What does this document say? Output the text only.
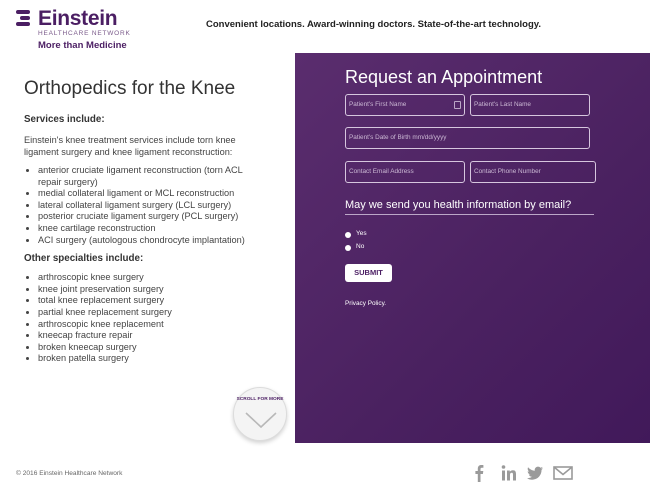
Einstein
HEALTHCARE NETWORK
More than Medicine
Convenient locations. Award-winning doctors. State-of-the-art technology.
Orthopedics for the Knee
Services include:

Einstein's knee treatment services include torn knee ligament surgery and knee ligament reconstruction:

• anterior cruciate ligament reconstruction (torn ACL repair surgery)
• medial collateral ligament or MCL reconstruction
• lateral collateral ligament surgery (LCL surgery)
• posterior cruciate ligament surgery (PCL surgery)
• knee cartilage reconstruction
• ACI surgery (autologous chondrocyte implantation)
Other specialties include:
• arthroscopic knee surgery
• knee joint preservation surgery
• total knee replacement surgery
• partial knee replacement surgery
• arthroscopic knee replacement
• kneecap fracture repair
• broken kneecap surgery
• broken patella surgery
SCROLL FOR MORE
Request an Appointment
Patient's First Name	Patient's Last Name
Patient's Date of Birth mm/dd/yyyy
Contact Email Address	Contact Phone Number
May we send you health information by email?
Yes
No
SUBMIT
Privacy Policy.
© 2016 Einstein Healthcare Network
